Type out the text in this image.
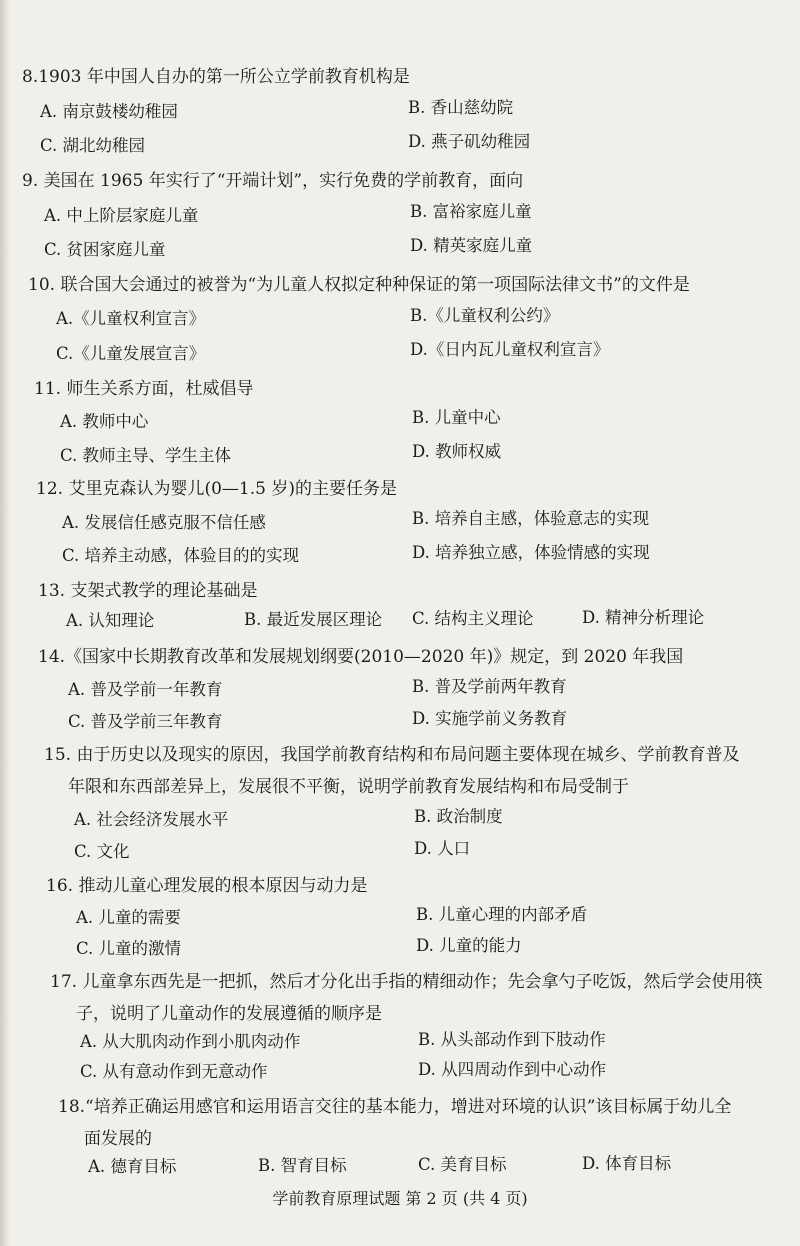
8.1903 年中国人自办的第一所公立学前教育机构是
A. 南京鼓楼幼稚园	B. 香山慈幼院
C. 湖北幼稚园	D. 燕子矶幼稚园
9. 美国在 1965 年实行了“开端计划”，实行免费的学前教育，面向
A. 中上阶层家庭儿童	B. 富裕家庭儿童
C. 贫困家庭儿童	D. 精英家庭儿童
10. 联合国大会通过的被誉为“为儿童人权拟定种种保证的第一项国际法律文书”的文件是
A.《儿童权利宣言》	B.《儿童权利公约》
C.《儿童发展宣言》	D.《日内瓦儿童权利宣言》
11. 师生关系方面，杜威倡导
A. 教师中心	B. 儿童中心
C. 教师主导、学生主体	D. 教师权威
12. 艾里克森认为婴儿(0—1.5 岁)的主要任务是
A. 发展信任感克服不信任感	B. 培养自主感，体验意志的实现
C. 培养主动感，体验目的的实现	D. 培养独立感，体验情感的实现
13. 支架式教学的理论基础是
A. 认知理论	B. 最近发展区理论 C. 结构主义理论	D. 精神分析理论
14.《国家中长期教育改革和发展规划纲要(2010—2020 年)》规定，到 2020 年我国
A. 普及学前一年教育	B. 普及学前两年教育
C. 普及学前三年教育	D. 实施学前义务教育
15. 由于历史以及现实的原因，我国学前教育结构和布局问题主要体现在城乡、学前教育普及
年限和东西部差异上，发展很不平衡，说明学前教育发展结构和布局受制于
A. 社会经济发展水平	B. 政治制度
C. 文化	D. 人口
16. 推动儿童心理发展的根本原因与动力是
A. 儿童的需要	B. 儿童心理的内部矛盾
C. 儿童的激情	D. 儿童的能力
17. 儿童拿东西先是一把抓，然后才分化出手指的精细动作；先会拿勺子吃饭，然后学会使用筷
子，说明了儿童动作的发展遵循的顺序是
A. 从大肌肉动作到小肌肉动作	B. 从头部动作到下肢动作
C. 从有意动作到无意动作	D. 从四周动作到中心动作
18.“培养正确运用感官和运用语言交往的基本能力，增进对环境的认识”该目标属于幼儿全
面发展的
A. 德育目标	B. 智育目标	C. 美育目标	D. 体育目标
学前教育原理试题 第 2 页 (共 4 页)
